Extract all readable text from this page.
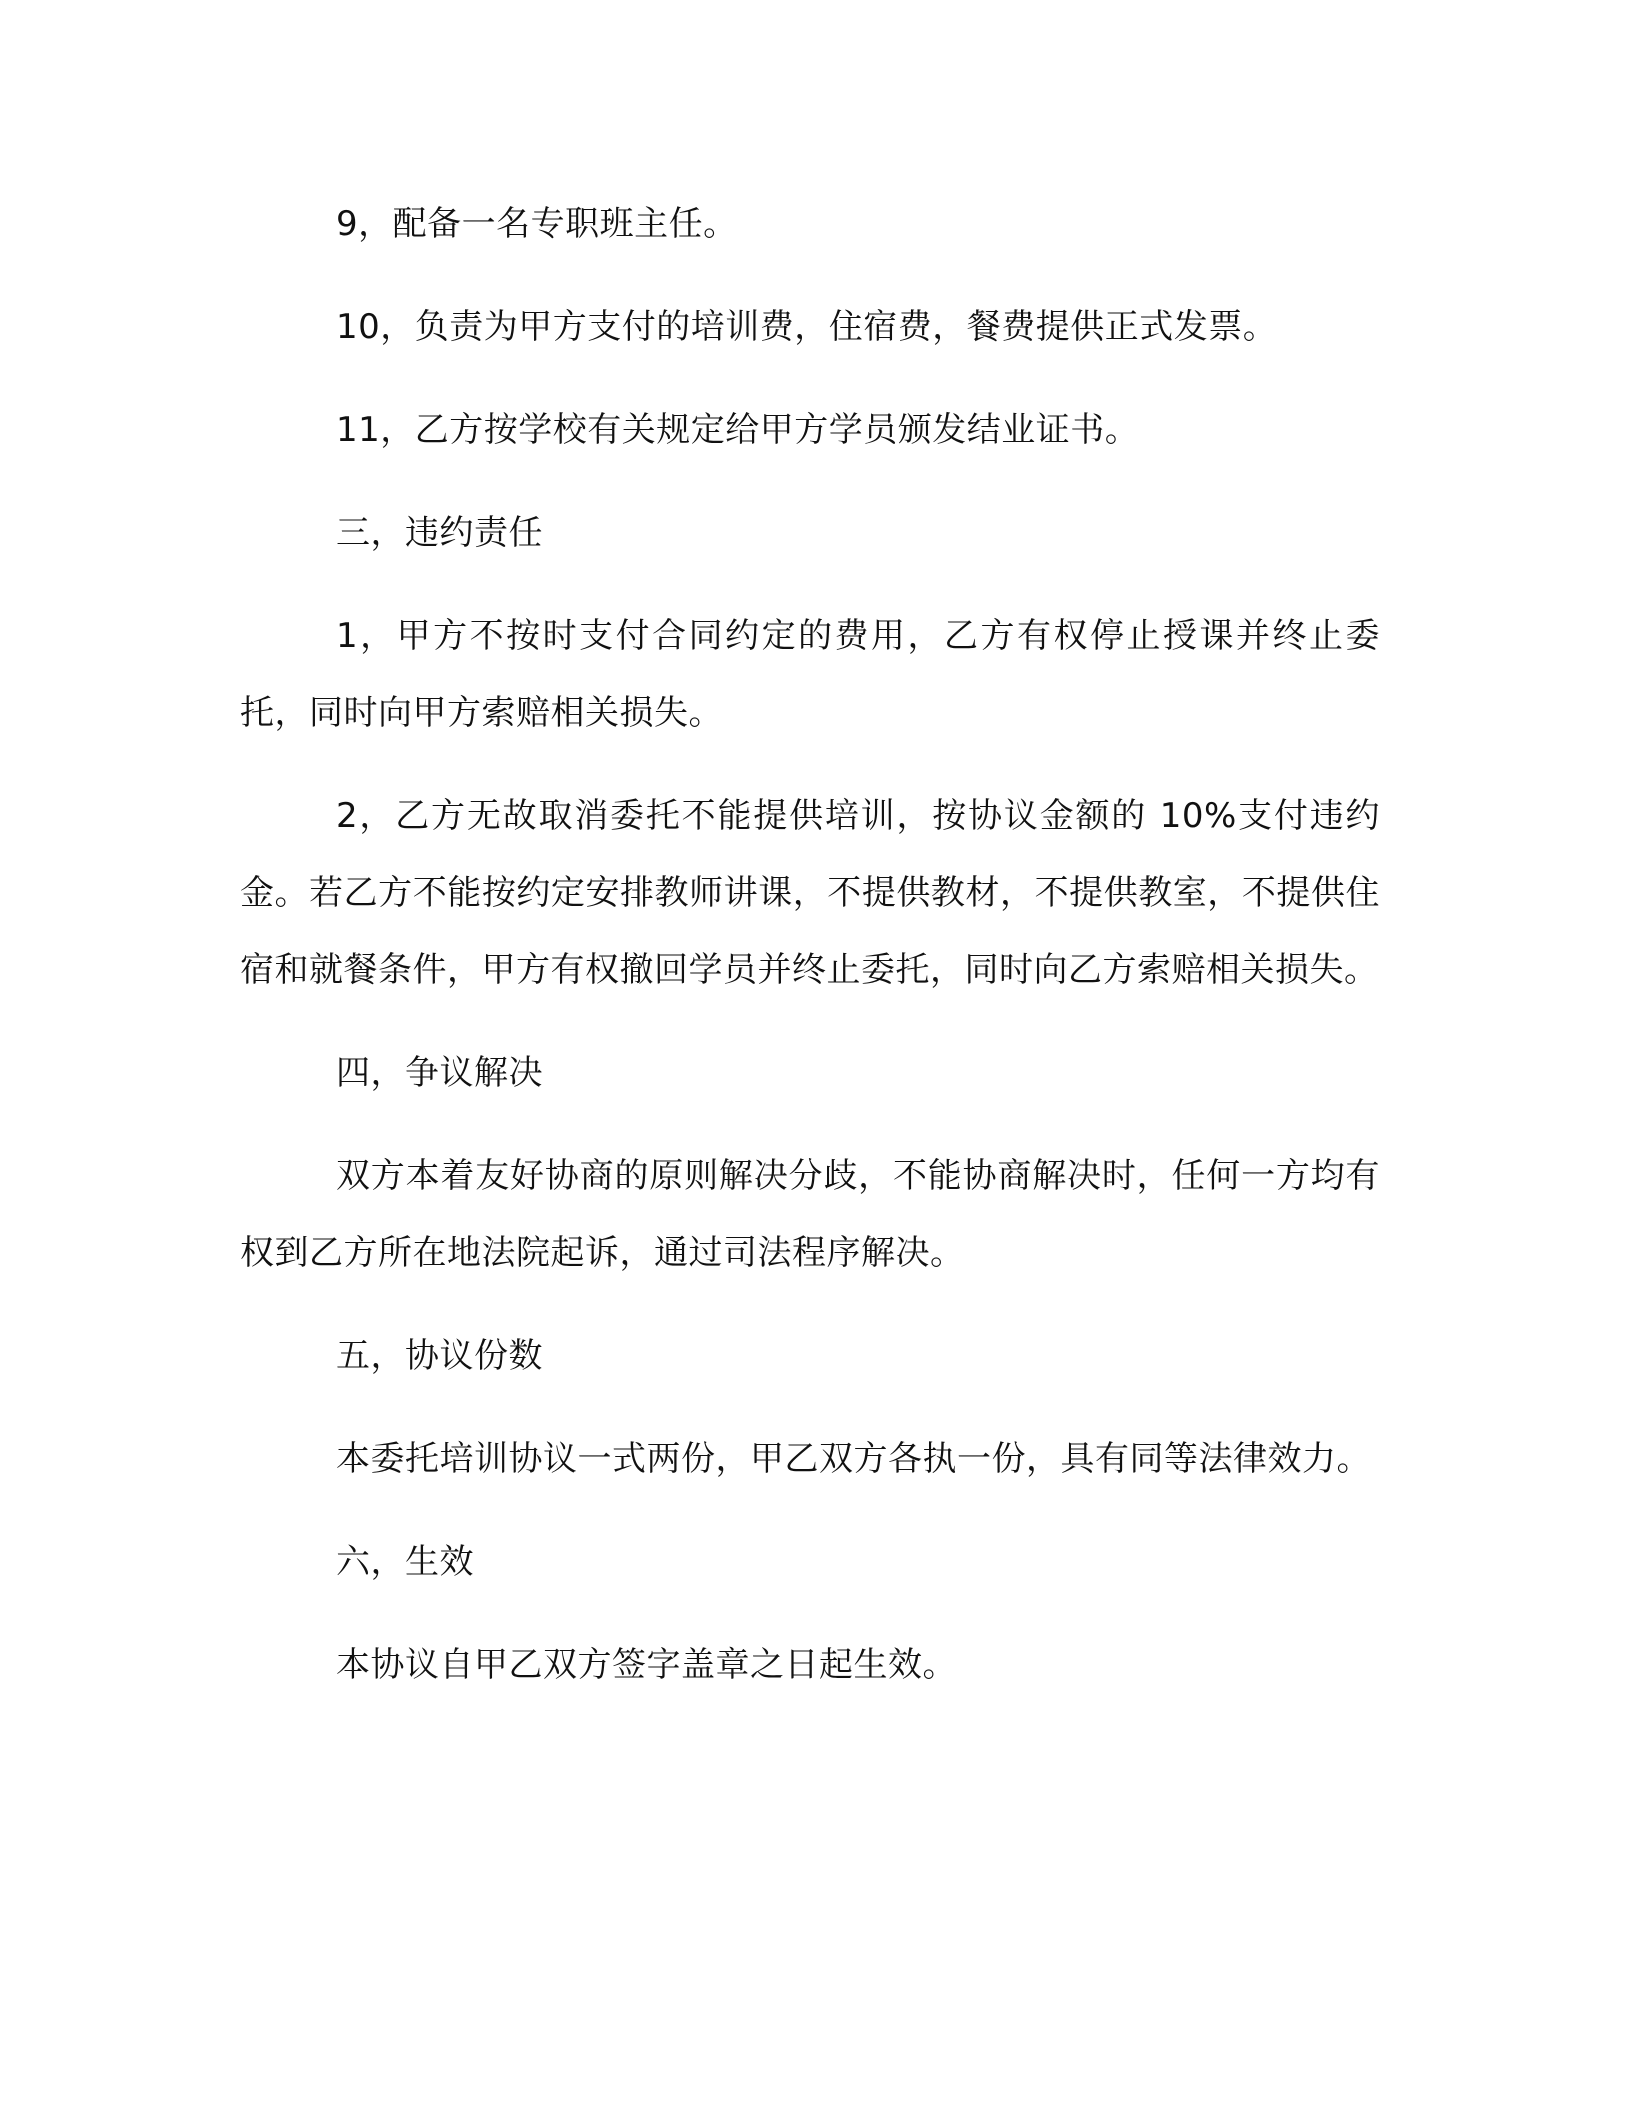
9，配备一名专职班主任。

10，负责为甲方支付的培训费，住宿费，餐费提供正式发票。

11，乙方按学校有关规定给甲方学员颁发结业证书。

三，违约责任

1，甲方不按时支付合同约定的费用，乙方有权停止授课并终止委托，同时向甲方索赔相关损失。

2，乙方无故取消委托不能提供培训，按协议金额的 10%支付违约金。若乙方不能按约定安排教师讲课，不提供教材，不提供教室，不提供住宿和就餐条件，甲方有权撤回学员并终止委托，同时向乙方索赔相关损失。

四，争议解决

双方本着友好协商的原则解决分歧，不能协商解决时，任何一方均有权到乙方所在地法院起诉，通过司法程序解决。

五，协议份数

本委托培训协议一式两份，甲乙双方各执一份，具有同等法律效力。

六，生效

本协议自甲乙双方签字盖章之日起生效。
